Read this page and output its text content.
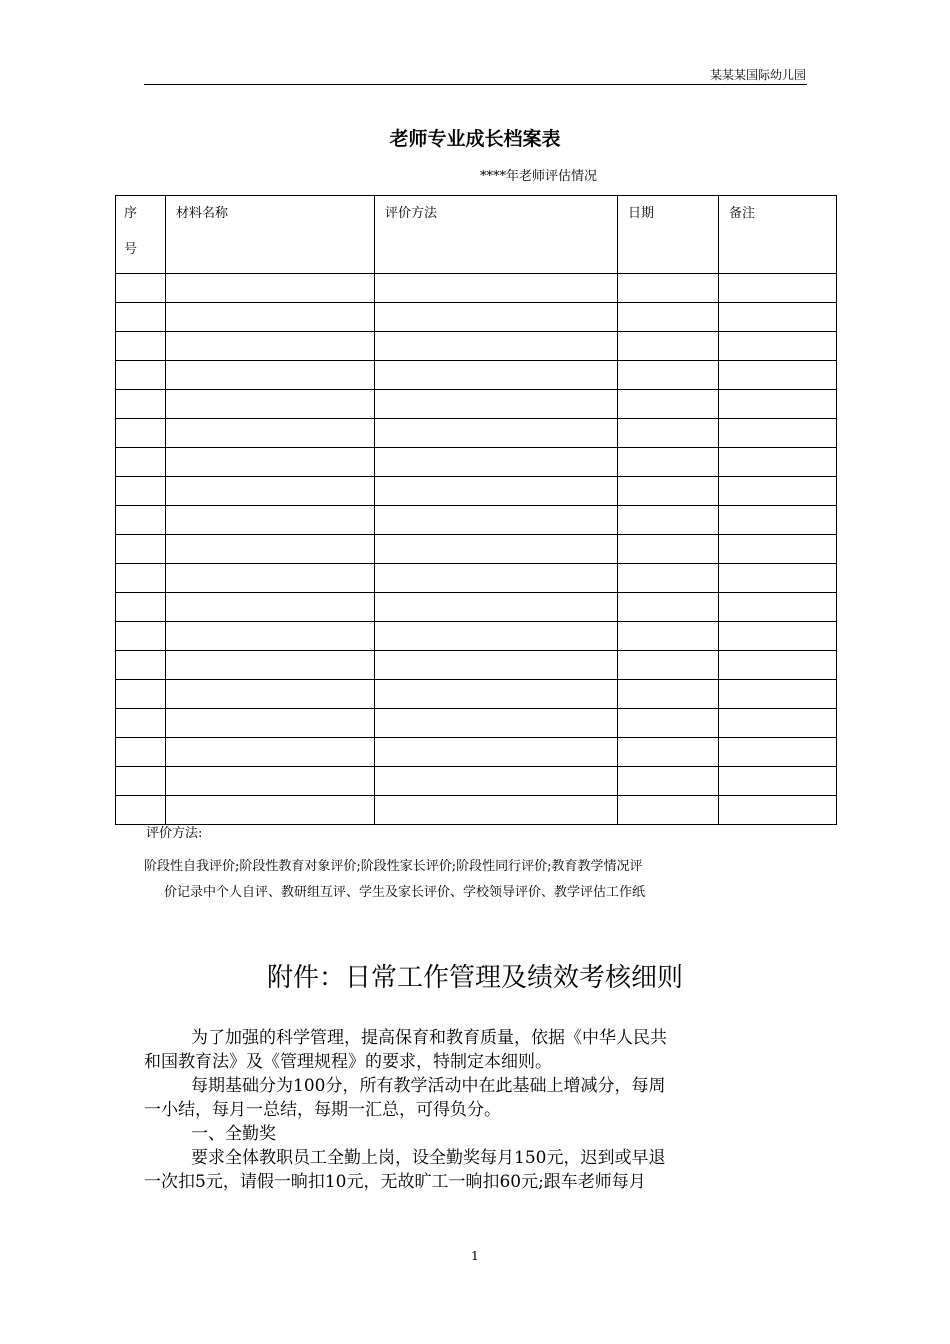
某某某国际幼儿园
老师专业成长档案表
****年老师评估情况
序
号	材料名称	评价方法	日期	备注

评价方法:
阶段性自我评价;阶段性教育对象评价;阶段性家长评价;阶段性同行评价;教育教学情况评
价记录中个人自评、教研组互评、学生及家长评价、学校领导评价、教学评估工作纸
附件：日常工作管理及绩效考核细则

为了加强的科学管理，提高保育和教育质量，依据《中华人民共

和国教育法》及《管理规程》的要求，特制定本细则。

每期基础分为100分，所有教学活动中在此基础上增减分，每周

一小结，每月一总结，每期一汇总，可得负分。

一、全勤奖

要求全体教职员工全勤上岗，设全勤奖每月150元，迟到或早退

一次扣5元，请假一晌扣10元，无故旷工一晌扣60元;跟车老师每月

1
